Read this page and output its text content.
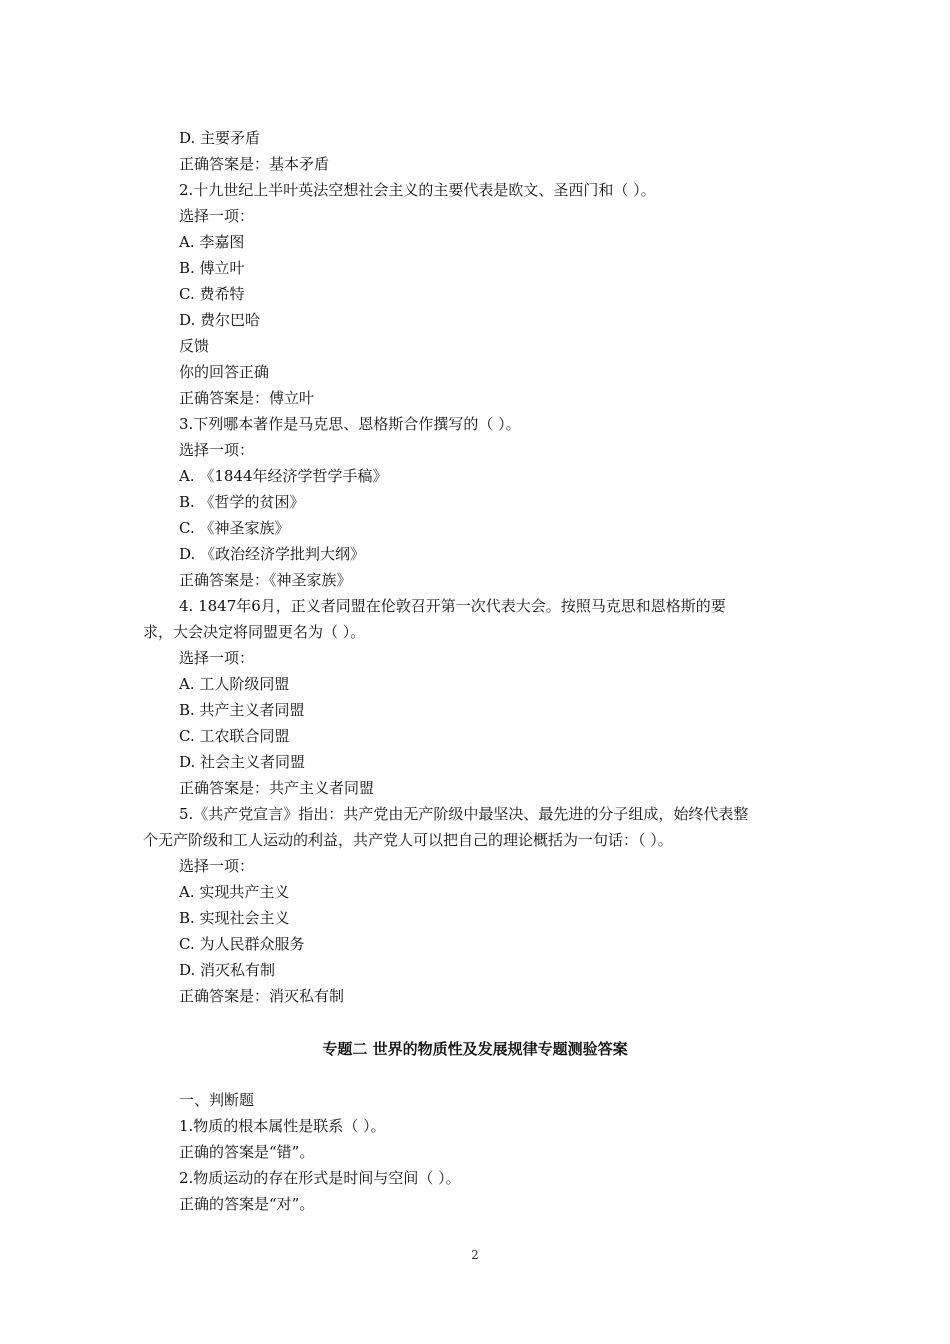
D. 主要矛盾
正确答案是：基本矛盾
2.十九世纪上半叶英法空想社会主义的主要代表是欧文、圣西门和（ ）。
选择一项：
A. 李嘉图
B. 傅立叶
C. 费希特
D. 费尔巴哈
反馈
你的回答正确
正确答案是：傅立叶
3.下列哪本著作是马克思、恩格斯合作撰写的（ ）。
选择一项：
A. 《1844年经济学哲学手稿》
B. 《哲学的贫困》
C. 《神圣家族》
D. 《政治经济学批判大纲》
正确答案是：《神圣家族》
4. 1847年6月，正义者同盟在伦敦召开第一次代表大会。按照马克思和恩格斯的要
求，大会决定将同盟更名为（ ）。
选择一项：
A. 工人阶级同盟
B. 共产主义者同盟
C. 工农联合同盟
D. 社会主义者同盟
正确答案是：共产主义者同盟
5.《共产党宣言》指出：共产党由无产阶级中最坚决、最先进的分子组成，始终代表整
个无产阶级和工人运动的利益，共产党人可以把自己的理论概括为一句话：（ ）。
选择一项：
A. 实现共产主义
B. 实现社会主义
C. 为人民群众服务
D. 消灭私有制
正确答案是：消灭私有制
专题二 世界的物质性及发展规律专题测验答案
一、判断题
1.物质的根本属性是联系（ ）。
正确的答案是“错”。
2.物质运动的存在形式是时间与空间（ ）。
正确的答案是“对”。
2
